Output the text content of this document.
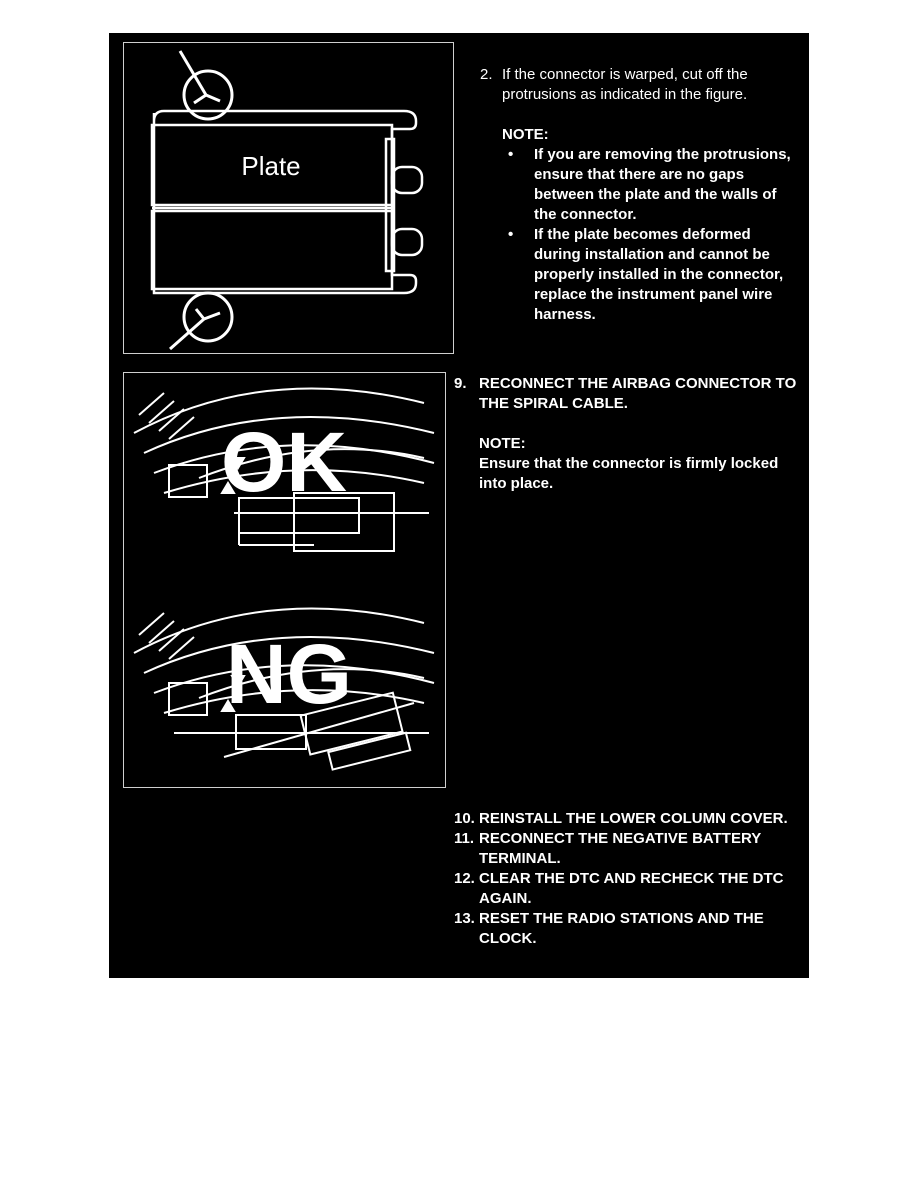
Plate
2. If the connector is warped, cut off the protrusions as indicated in the figure.
NOTE:
• If you are removing the protrusions, ensure that there are no gaps between the plate and the walls of the connector.
• If the plate becomes deformed during installation and cannot be properly installed in the connector, replace the instrument panel wire harness.
OK
NG
9. RECONNECT THE AIRBAG CONNECTOR TO THE SPIRAL CABLE.
NOTE:
Ensure that the connector is firmly locked into place.
10. REINSTALL THE LOWER COLUMN COVER.
11. RECONNECT THE NEGATIVE BATTERY TERMINAL.
12. CLEAR THE DTC AND RECHECK THE DTC AGAIN.
13. RESET THE RADIO STATIONS AND THE CLOCK.
